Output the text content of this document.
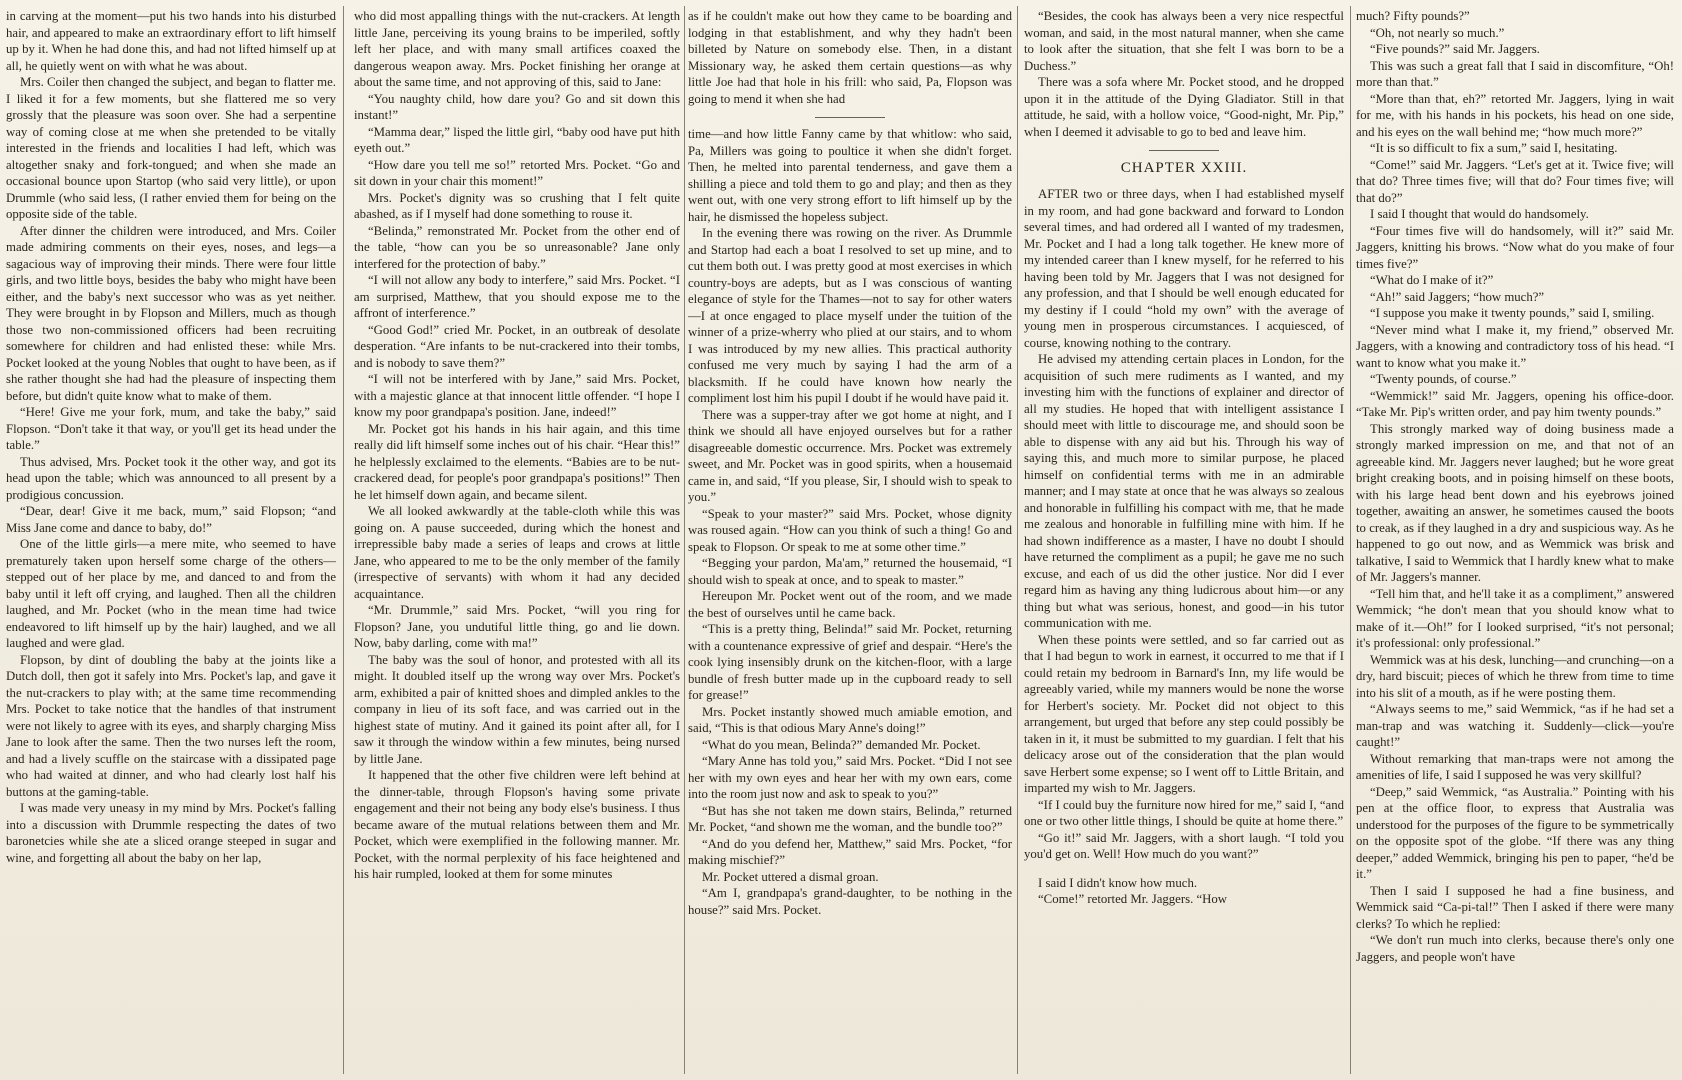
in carving at the moment—put his two hands into his disturbed hair, and appeared to make an extraordinary effort to lift himself up by it. When he had done this, and had not lifted himself up at all, he quietly went on with what he was about.

Mrs. Coiler then changed the subject, and began to flatter me. I liked it for a few moments, but she flattered me so very grossly that the pleasure was soon over. She had a serpentine way of coming close at me when she pretended to be vitally interested in the friends and localities I had left, which was altogether snaky and fork-tongued; and when she made an occasional bounce upon Startop (who said very little), or upon Drummle (who said less, (I rather envied them for being on the opposite side of the table.

After dinner the children were introduced, and Mrs. Coiler made admiring comments on their eyes, noses, and legs—a sagacious way of improving their minds. There were four little girls, and two little boys, besides the baby who might have been either, and the baby's next successor who was as yet neither. They were brought in by Flopson and Millers, much as though those two non-commissioned officers had been recruiting somewhere for children and had enlisted these: while Mrs. Pocket looked at the young Nobles that ought to have been, as if she rather thought she had had the pleasure of inspecting them before, but didn't quite know what to make of them.

“Here! Give me your fork, mum, and take the baby,” said Flopson. “Don't take it that way, or you'll get its head under the table.”

Thus advised, Mrs. Pocket took it the other way, and got its head upon the table; which was announced to all present by a prodigious concussion.

“Dear, dear! Give it me back, mum,” said Flopson; “and Miss Jane come and dance to baby, do!”

One of the little girls—a mere mite, who seemed to have prematurely taken upon herself some charge of the others—stepped out of her place by me, and danced to and from the baby until it left off crying, and laughed. Then all the children laughed, and Mr. Pocket (who in the mean time had twice endeavored to lift himself up by the hair) laughed, and we all laughed and were glad.

Flopson, by dint of doubling the baby at the joints like a Dutch doll, then got it safely into Mrs. Pocket's lap, and gave it the nut-crackers to play with; at the same time recommending Mrs. Pocket to take notice that the handles of that instrument were not likely to agree with its eyes, and sharply charging Miss Jane to look after the same. Then the two nurses left the room, and had a lively scuffle on the staircase with a dissipated page who had waited at dinner, and who had clearly lost half his buttons at the gaming-table.

I was made very uneasy in my mind by Mrs. Pocket's falling into a discussion with Drummle respecting the dates of two baronetcies while she ate a sliced orange steeped in sugar and wine, and forgetting all about the baby on her lap,

who did most appalling things with the nut-crackers. At length little Jane, perceiving its young brains to be imperiled, softly left her place, and with many small artifices coaxed the dangerous weapon away. Mrs. Pocket finishing her orange at about the same time, and not approving of this, said to Jane:

“You naughty child, how dare you? Go and sit down this instant!”

“Mamma dear,” lisped the little girl, “baby ood have put hith eyeth out.”

“How dare you tell me so!” retorted Mrs. Pocket. “Go and sit down in your chair this moment!”

Mrs. Pocket's dignity was so crushing that I felt quite abashed, as if I myself had done something to rouse it.

“Belinda,” remonstrated Mr. Pocket from the other end of the table, “how can you be so unreasonable? Jane only interfered for the protection of baby.”

“I will not allow any body to interfere,” said Mrs. Pocket. “I am surprised, Matthew, that you should expose me to the affront of interference.”

“Good God!” cried Mr. Pocket, in an outbreak of desolate desperation. “Are infants to be nut-crackered into their tombs, and is nobody to save them?”

“I will not be interfered with by Jane,” said Mrs. Pocket, with a majestic glance at that innocent little offender. “I hope I know my poor grandpapa's position. Jane, indeed!”

Mr. Pocket got his hands in his hair again, and this time really did lift himself some inches out of his chair. “Hear this!” he helplessly exclaimed to the elements. “Babies are to be nut-crackered dead, for people's poor grandpapa's positions!” Then he let himself down again, and became silent.

We all looked awkwardly at the table-cloth while this was going on. A pause succeeded, during which the honest and irrepressible baby made a series of leaps and crows at little Jane, who appeared to me to be the only member of the family (irrespective of servants) with whom it had any decided acquaintance.

“Mr. Drummle,” said Mrs. Pocket, “will you ring for Flopson? Jane, you undutiful little thing, go and lie down. Now, baby darling, come with ma!”

The baby was the soul of honor, and protested with all its might. It doubled itself up the wrong way over Mrs. Pocket's arm, exhibited a pair of knitted shoes and dimpled ankles to the company in lieu of its soft face, and was carried out in the highest state of mutiny. And it gained its point after all, for I saw it through the window within a few minutes, being nursed by little Jane.

It happened that the other five children were left behind at the dinner-table, through Flopson's having some private engagement and their not being any body else's business. I thus became aware of the mutual relations between them and Mr. Pocket, which were exemplified in the following manner. Mr. Pocket, with the normal perplexity of his face heightened and his hair rumpled, looked at them for some minutes

as if he couldn't make out how they came to be boarding and lodging in that establishment, and why they hadn't been billeted by Nature on somebody else. Then, in a distant Missionary way, he asked them certain questions—as why little Joe had that hole in his frill: who said, Pa, Flopson was going to mend it when she had

time—and how little Fanny came by that whitlow: who said, Pa, Millers was going to poultice it when she didn't forget. Then, he melted into parental tenderness, and gave them a shilling a piece and told them to go and play; and then as they went out, with one very strong effort to lift himself up by the hair, he dismissed the hopeless subject.

In the evening there was rowing on the river. As Drummle and Startop had each a boat I resolved to set up mine, and to cut them both out. I was pretty good at most exercises in which country-boys are adepts, but as I was conscious of wanting elegance of style for the Thames—not to say for other waters—I at once engaged to place myself under the tuition of the winner of a prize-wherry who plied at our stairs, and to whom I was introduced by my new allies. This practical authority confused me very much by saying I had the arm of a blacksmith. If he could have known how nearly the compliment lost him his pupil I doubt if he would have paid it.

There was a supper-tray after we got home at night, and I think we should all have enjoyed ourselves but for a rather disagreeable domestic occurrence. Mrs. Pocket was extremely sweet, and Mr. Pocket was in good spirits, when a housemaid came in, and said, “If you please, Sir, I should wish to speak to you.”

“Speak to your master?” said Mrs. Pocket, whose dignity was roused again. “How can you think of such a thing! Go and speak to Flopson. Or speak to me at some other time.”

“Begging your pardon, Ma'am,” returned the housemaid, “I should wish to speak at once, and to speak to master.”

Hereupon Mr. Pocket went out of the room, and we made the best of ourselves until he came back.

“This is a pretty thing, Belinda!” said Mr. Pocket, returning with a countenance expressive of grief and despair. “Here's the cook lying insensibly drunk on the kitchen-floor, with a large bundle of fresh butter made up in the cupboard ready to sell for grease!”

Mrs. Pocket instantly showed much amiable emotion, and said, “This is that odious Mary Anne's doing!”

“What do you mean, Belinda?” demanded Mr. Pocket.

“Mary Anne has told you,” said Mrs. Pocket. “Did I not see her with my own eyes and hear her with my own ears, come into the room just now and ask to speak to you?”

“But has she not taken me down stairs, Belinda,” returned Mr. Pocket, “and shown me the woman, and the bundle too?”

“And do you defend her, Matthew,” said Mrs. Pocket, “for making mischief?”

Mr. Pocket uttered a dismal groan.

“Am I, grandpapa's grand-daughter, to be nothing in the house?” said Mrs. Pocket.

“Besides, the cook has always been a very nice respectful woman, and said, in the most natural manner, when she came to look after the situation, that she felt I was born to be a Duchess.”

There was a sofa where Mr. Pocket stood, and he dropped upon it in the attitude of the Dying Gladiator. Still in that attitude, he said, with a hollow voice, “Good-night, Mr. Pip,” when I deemed it advisable to go to bed and leave him.

CHAPTER XXIII.

AFTER two or three days, when I had established myself in my room, and had gone backward and forward to London several times, and had ordered all I wanted of my tradesmen, Mr. Pocket and I had a long talk together. He knew more of my intended career than I knew myself, for he referred to his having been told by Mr. Jaggers that I was not designed for any profession, and that I should be well enough educated for my destiny if I could “hold my own” with the average of young men in prosperous circumstances. I acquiesced, of course, knowing nothing to the contrary.

He advised my attending certain places in London, for the acquisition of such mere rudiments as I wanted, and my investing him with the functions of explainer and director of all my studies. He hoped that with intelligent assistance I should meet with little to discourage me, and should soon be able to dispense with any aid but his. Through his way of saying this, and much more to similar purpose, he placed himself on confidential terms with me in an admirable manner; and I may state at once that he was always so zealous and honorable in fulfilling his compact with me, that he made me zealous and honorable in fulfilling mine with him. If he had shown indifference as a master, I have no doubt I should have returned the compliment as a pupil; he gave me no such excuse, and each of us did the other justice. Nor did I ever regard him as having any thing ludicrous about him—or any thing but what was serious, honest, and good—in his tutor communication with me.

When these points were settled, and so far carried out as that I had begun to work in earnest, it occurred to me that if I could retain my bedroom in Barnard's Inn, my life would be agreeably varied, while my manners would be none the worse for Herbert's society. Mr. Pocket did not object to this arrangement, but urged that before any step could possibly be taken in it, it must be submitted to my guardian. I felt that his delicacy arose out of the consideration that the plan would save Herbert some expense; so I went off to Little Britain, and imparted my wish to Mr. Jaggers.

“If I could buy the furniture now hired for me,” said I, “and one or two other little things, I should be quite at home there.”

“Go it!” said Mr. Jaggers, with a short laugh. “I told you you'd get on. Well! How much do you want?”

I said I didn't know how much.

“Come!” retorted Mr. Jaggers. “How

much? Fifty pounds?”

“Oh, not nearly so much.”

“Five pounds?” said Mr. Jaggers.

This was such a great fall that I said in discomfiture, “Oh! more than that.”

“More than that, eh?” retorted Mr. Jaggers, lying in wait for me, with his hands in his pockets, his head on one side, and his eyes on the wall behind me; “how much more?”

“It is so difficult to fix a sum,” said I, hesitating.

“Come!” said Mr. Jaggers. “Let's get at it. Twice five; will that do? Three times five; will that do? Four times five; will that do?”

I said I thought that would do handsomely.

“Four times five will do handsomely, will it?” said Mr. Jaggers, knitting his brows. “Now what do you make of four times five?”

“What do I make of it?”

“Ah!” said Jaggers; “how much?”

“I suppose you make it twenty pounds,” said I, smiling.

“Never mind what I make it, my friend,” observed Mr. Jaggers, with a knowing and contradictory toss of his head. “I want to know what you make it.”

“Twenty pounds, of course.”

“Wemmick!” said Mr. Jaggers, opening his office-door. “Take Mr. Pip's written order, and pay him twenty pounds.”

This strongly marked way of doing business made a strongly marked impression on me, and that not of an agreeable kind. Mr. Jaggers never laughed; but he wore great bright creaking boots, and in poising himself on these boots, with his large head bent down and his eyebrows joined together, awaiting an answer, he sometimes caused the boots to creak, as if they laughed in a dry and suspicious way. As he happened to go out now, and as Wemmick was brisk and talkative, I said to Wemmick that I hardly knew what to make of Mr. Jaggers's manner.

“Tell him that, and he'll take it as a compliment,” answered Wemmick; “he don't mean that you should know what to make of it.—Oh!” for I looked surprised, “it's not personal; it's professional: only professional.”

Wemmick was at his desk, lunching—and crunching—on a dry, hard biscuit; pieces of which he threw from time to time into his slit of a mouth, as if he were posting them.

“Always seems to me,” said Wemmick, “as if he had set a man-trap and was watching it. Suddenly—click—you're caught!”

Without remarking that man-traps were not among the amenities of life, I said I supposed he was very skillful?

“Deep,” said Wemmick, “as Australia.” Pointing with his pen at the office floor, to express that Australia was understood for the purposes of the figure to be symmetrically on the opposite spot of the globe. “If there was any thing deeper,” added Wemmick, bringing his pen to paper, “he'd be it.”

Then I said I supposed he had a fine business, and Wemmick said “Ca-pi-tal!” Then I asked if there were many clerks? To which he replied:

“We don't run much into clerks, because there's only one Jaggers, and people won't have
